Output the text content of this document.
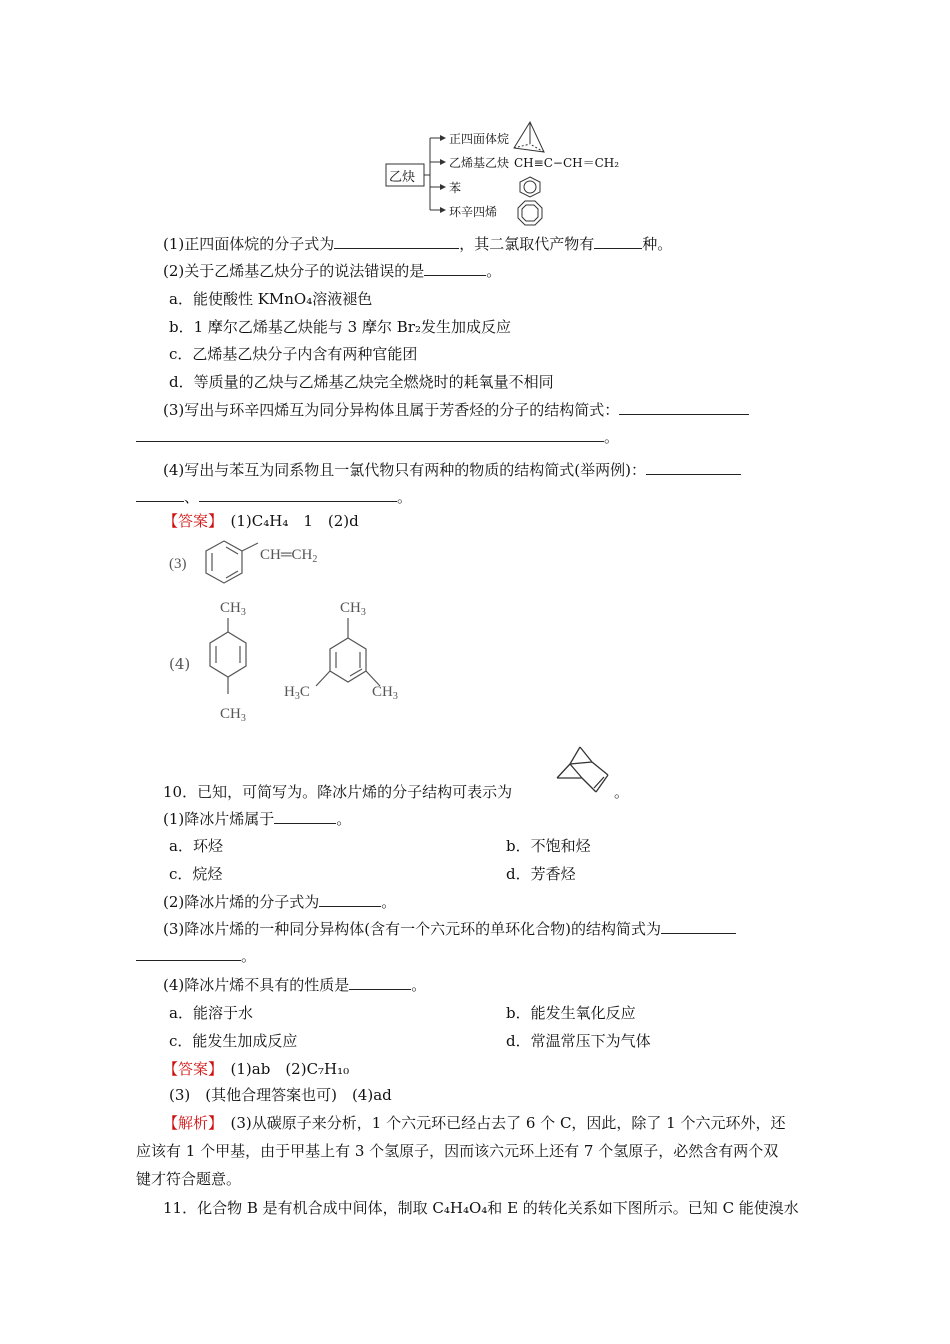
乙炔
正四面体烷
乙烯基乙炔 CH≡C−CH＝CH₂
苯
环辛四烯
(1)正四面体烷的分子式为	，其二氯取代产物有	种。
(2)关于乙烯基乙炔分子的说法错误的是	。
a．能使酸性 KMnO₄溶液褪色
b．1 摩尔乙烯基乙炔能与 3 摩尔 Br₂发生加成反应
c．乙烯基乙炔分子内含有两种官能团
d．等质量的乙炔与乙烯基乙炔完全燃烧时的耗氧量不相同
(3)写出与环辛四烯互为同分异构体且属于芳香烃的分子的结构简式：
。
(4)写出与苯互为同系物且一氯代物只有两种的物质的结构简式(举两例)：
、	。
【答案】　 (1)C₄H₄　1　(2)d
(3)
$CH═CH_2$
(4)
$CH_3$
$CH_3$
$CH_3$
$H_3C$	$CH_3$
10．已知，可简写为。降冰片烯的分子结构可表示为	。
(1)降冰片烯属于	。
a．环烃	b．不饱和烃
c．烷烃	d．芳香烃
(2)降冰片烯的分子式为	。
(3)降冰片烯的一种同分异构体(含有一个六元环的单环化合物)的结构简式为
。
(4)降冰片烯不具有的性质是	。
a．能溶于水	b．能发生氧化反应
c．能发生加成反应	d．常温常压下为气体
【答案】　 (1)ab　(2)C₇H₁₀
(3)　(其他合理答案也可)　(4)ad
【解析】　 (3)从碳原子来分析，1 个六元环已经占去了 6 个 C，因此，除了 1 个六元环外，还
应该有 1 个甲基，由于甲基上有 3 个氢原子，因而该六元环上还有 7 个氢原子，必然含有两个双
键才符合题意。
11．化合物 B 是有机合成中间体，制取 C₄H₄O₄和 E 的转化关系如下图所示。已知 C 能使溴水
